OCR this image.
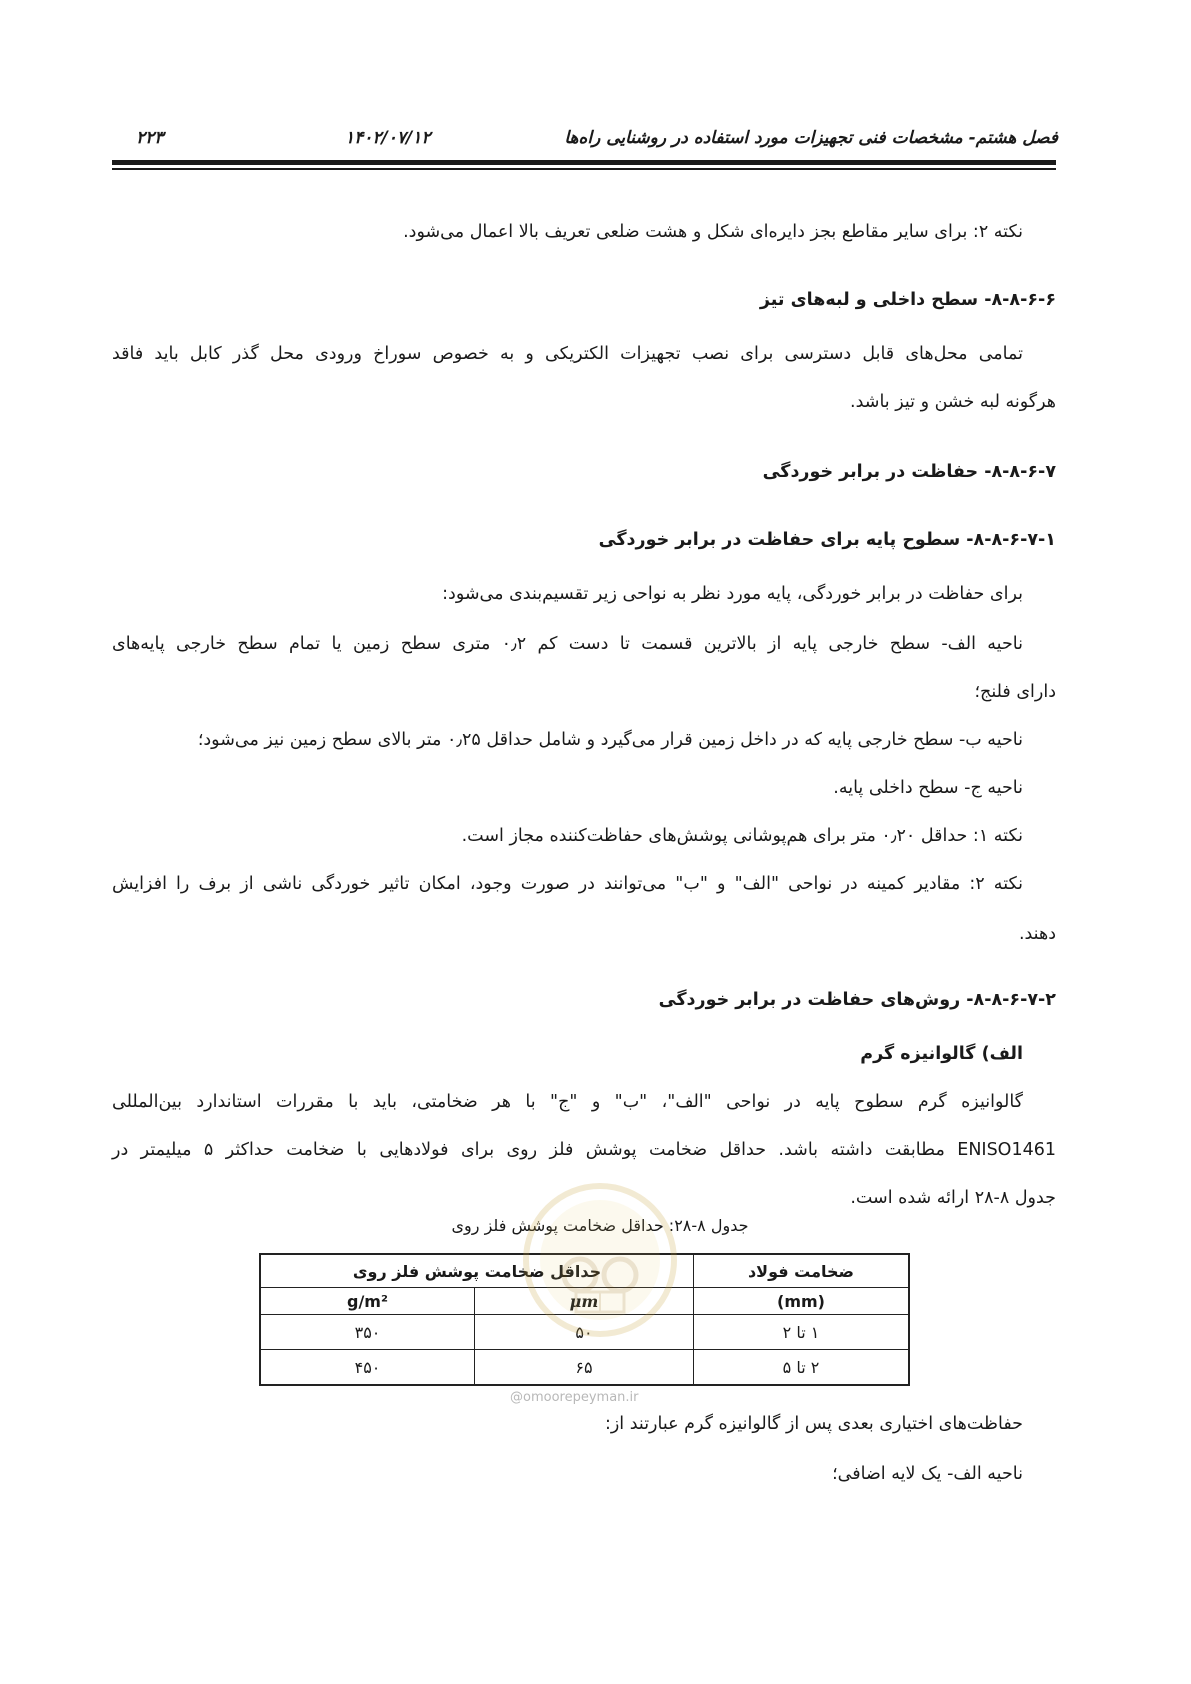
فصل هشتم- مشخصات فنی تجهیزات مورد استفاده در روشنایی راه‌ها
۱۴۰۲/۰۷/۱۲
۲۲۳
نکته ۲: برای سایر مقاطع بجز دایره‌ای شکل و هشت ضلعی تعریف بالا اعمال می‌شود.
۸-۸-۶-۶- سطح داخلی و لبه‌های تیز
تمامی محل‌های قابل دسترسی برای نصب تجهیزات الکتریکی و به خصوص سوراخ ورودی محل گذر کابل باید فاقد
هرگونه لبه خشن و تیز باشد.
۸-۸-۶-۷- حفاظت در برابر خوردگی
۸-۸-۶-۷-۱- سطوح پایه برای حفاظت در برابر خوردگی
برای حفاظت در برابر خوردگی، پایه مورد نظر به نواحی زیر تقسیم‌بندی می‌شود:
ناحیه الف- سطح خارجی پایه از بالاترین قسمت تا دست کم ۰٫۲ متری سطح زمین یا تمام سطح خارجی پایه‌های
دارای فلنج؛
ناحیه ب- سطح خارجی پایه که در داخل زمین قرار می‌گیرد و شامل حداقل ۰٫۲۵ متر بالای سطح زمین نیز می‌شود؛
ناحیه ج- سطح داخلی پایه.
نکته ۱: حداقل ۰٫۲۰ متر برای هم‌پوشانی پوشش‌های حفاظت‌کننده مجاز است.
نکته ۲: مقادیر کمینه در نواحی "الف" و "ب" می‌توانند در صورت وجود، امکان تاثیر خوردگی ناشی از برف را افزایش
دهند.
۸-۸-۶-۷-۲- روش‌های حفاظت در برابر خوردگی
الف) گالوانیزه گرم
گالوانیزه گرم سطوح پایه در نواحی "الف"، "ب" و "ج" با هر ضخامتی، باید با مقررات استاندارد بین‌المللی
ENISO1461 مطابقت داشته باشد. حداقل ضخامت پوشش فلز روی برای فولادهایی با ضخامت حداکثر ۵ میلیمتر در
جدول ۸-۲۸ ارائه شده است.
جدول ۸-۲۸: حداقل ضخامت پوشش فلز روی
ضخامت فولاد	حداقل ضخامت پوشش فلز روی	
(mm)	μm	g/m²
۱ تا ۲	۵۰	۳۵۰
۲ تا ۵	۶۵	۴۵۰
@omoorepeyman.ir
حفاظت‌های اختیاری بعدی پس از گالوانیزه گرم عبارتند از:
ناحیه الف- یک لایه اضافی؛
